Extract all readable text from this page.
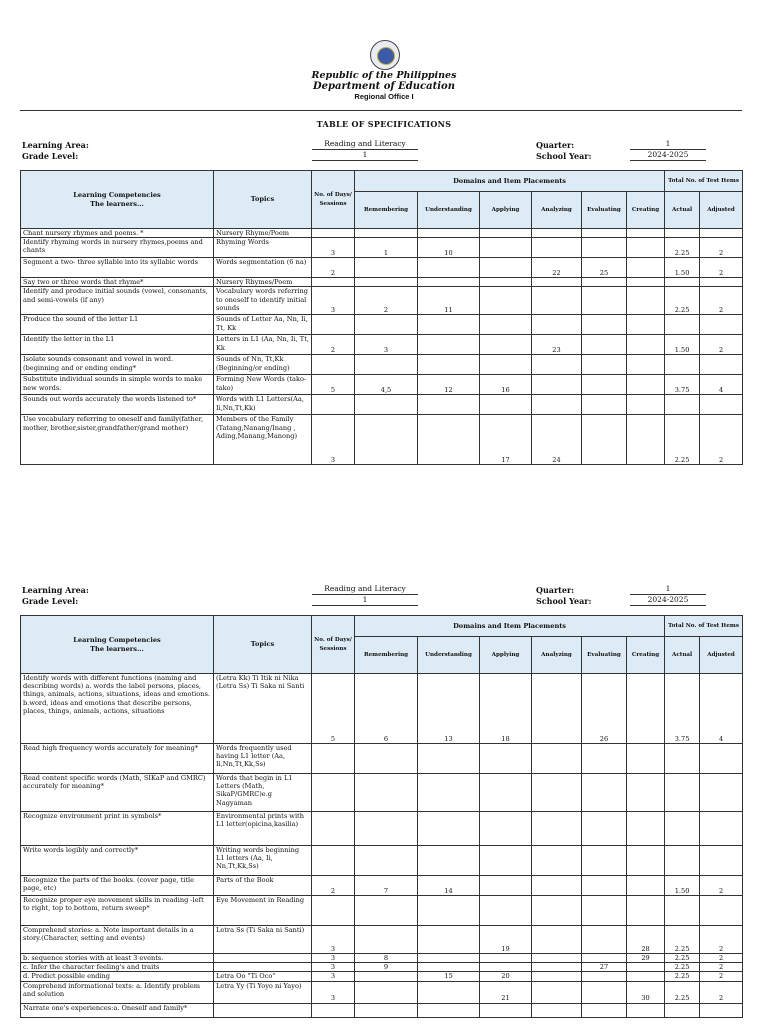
Republic of the Philippines
Department of Education
Regional Office I
TABLE OF SPECIFICATIONS
Learning Area:
Grade Level:
Reading and Literacy
1
Quarter:
School Year:
1
2024-2025
Learning Competencies
The learners...	Topics	No. of Days/ Sessions	Domains and Item Placements						Total No. of Test Items	
			Remembering	Understanding	Applying	Analyzing	Evaluating	Creating	Actual	Adjusted
Chant nursery rhymes and poems. *	Nursery Rhyme/Poem									
Identify rhyming words in nursery rhymes,poems and chants	Rhyming Words	3	1	10					2.25	2
Segment a two- three syllable into its syllabic words	Words segmentation (6 na)	2				22	25		1.50	2
Say two or three words that rhyme*	Nursery Rhymes/Poem									
Identify and produce initial sounds (vowel, consonants, and semi-vowels (if any)	Vocabulary words referring to oneself to identify initial sounds	3	2	11					2.25	2
Produce the sound of the letter L1	Sounds of Letter Aa, Nn, Ii, Tt, Kk									
Identify the letter in the L1	Letters in L1 (Aa, Nn, Ii, Tt, Kk	2	3			23			1.50	2
Isolate sounds consonant and vowel in word. (beginning and or ending ending*	Sounds of Nn, Tt,Kk (Beginning/or ending)									
Substitute individual sounds in simple words to make new words.	Forming New Words (tako-tako)	5	4,5	12	16				3.75	4
Sounds out words accurately the words listened to*	Words with L1 Letters(Aa, Ii,Nn,Tt,Kk)									
Use vocabulary referring to oneself and family(father, mother, brother,sister,grandfather/grand mother)	Members of the Family (Tatang,Nanang/Inang , Ading,Manang,Manong)	3			17	24			2.25	2
Learning Area:
Grade Level:
Reading and Literacy
1
Quarter:
School Year:
1
2024-2025
Learning Competencies
The learners...	Topics	No. of Days/ Sessions	Domains and Item Placements						Total No. of Test Items	
			Remembering	Understanding	Applying	Analyzing	Evaluating	Creating	Actual	Adjusted
Identify words with different functions (naming and describing words) a. words the label persons, places, things, animals, actions, situations, ideas and emotions. b.word, ideas and emotions that describe persons, places, things, animals, actions, situations	(Letra Kk) Ti Itik ni Nika (Letra Ss) Ti Saka ni Santi	5	6	13	18		26		3.75	4
Read high frequency words accurately for meaning*	Words frequently used having L1 letter (Aa, Ii,Nn,Tt,Kk,Ss)									
Read content specific words (Math, SIKaP and GMRC) accurately for meaning*	Words that begin in L1 Letters (Math, SikaP/GMRC)e.g Nagyaman									
Recognize environment print in symbols*	Environmental prints with L1 letter(opicina,kasilia)									
Write words legibly and correctly*	Writing words beginning L1 letters (Aa, Ii, Nn,Tt,Kk,Ss)									
Recognize the parts of the books. (cover page, title page, etc)	Parts of the Book	2	7	14					1.50	2
Recognize proper eye movement skills in reading -left to right, top to bottom, return sweep*	Eye Movement in Reading									
Comprehend stories: a. Note important details in a story.(Character, setting and events)	Letra Ss (Ti Saka ni Santi)	3			19			28	2.25	2
b. sequence stories with at least 3 events.		3	8					29	2.25	2
c. Infer the character feeling's and traits		3	9				27		2.25	2
d. Predict possible ending	Letra Oo "Ti Oco"	3		15	20				2.25	2
Comprehend informational texts: a. Identify problem and solution	Letra Yy (Ti Yoyo ni Yayo)	3			21			30	2.25	2
Narrate one's experiences:a. Oneself and family*										
